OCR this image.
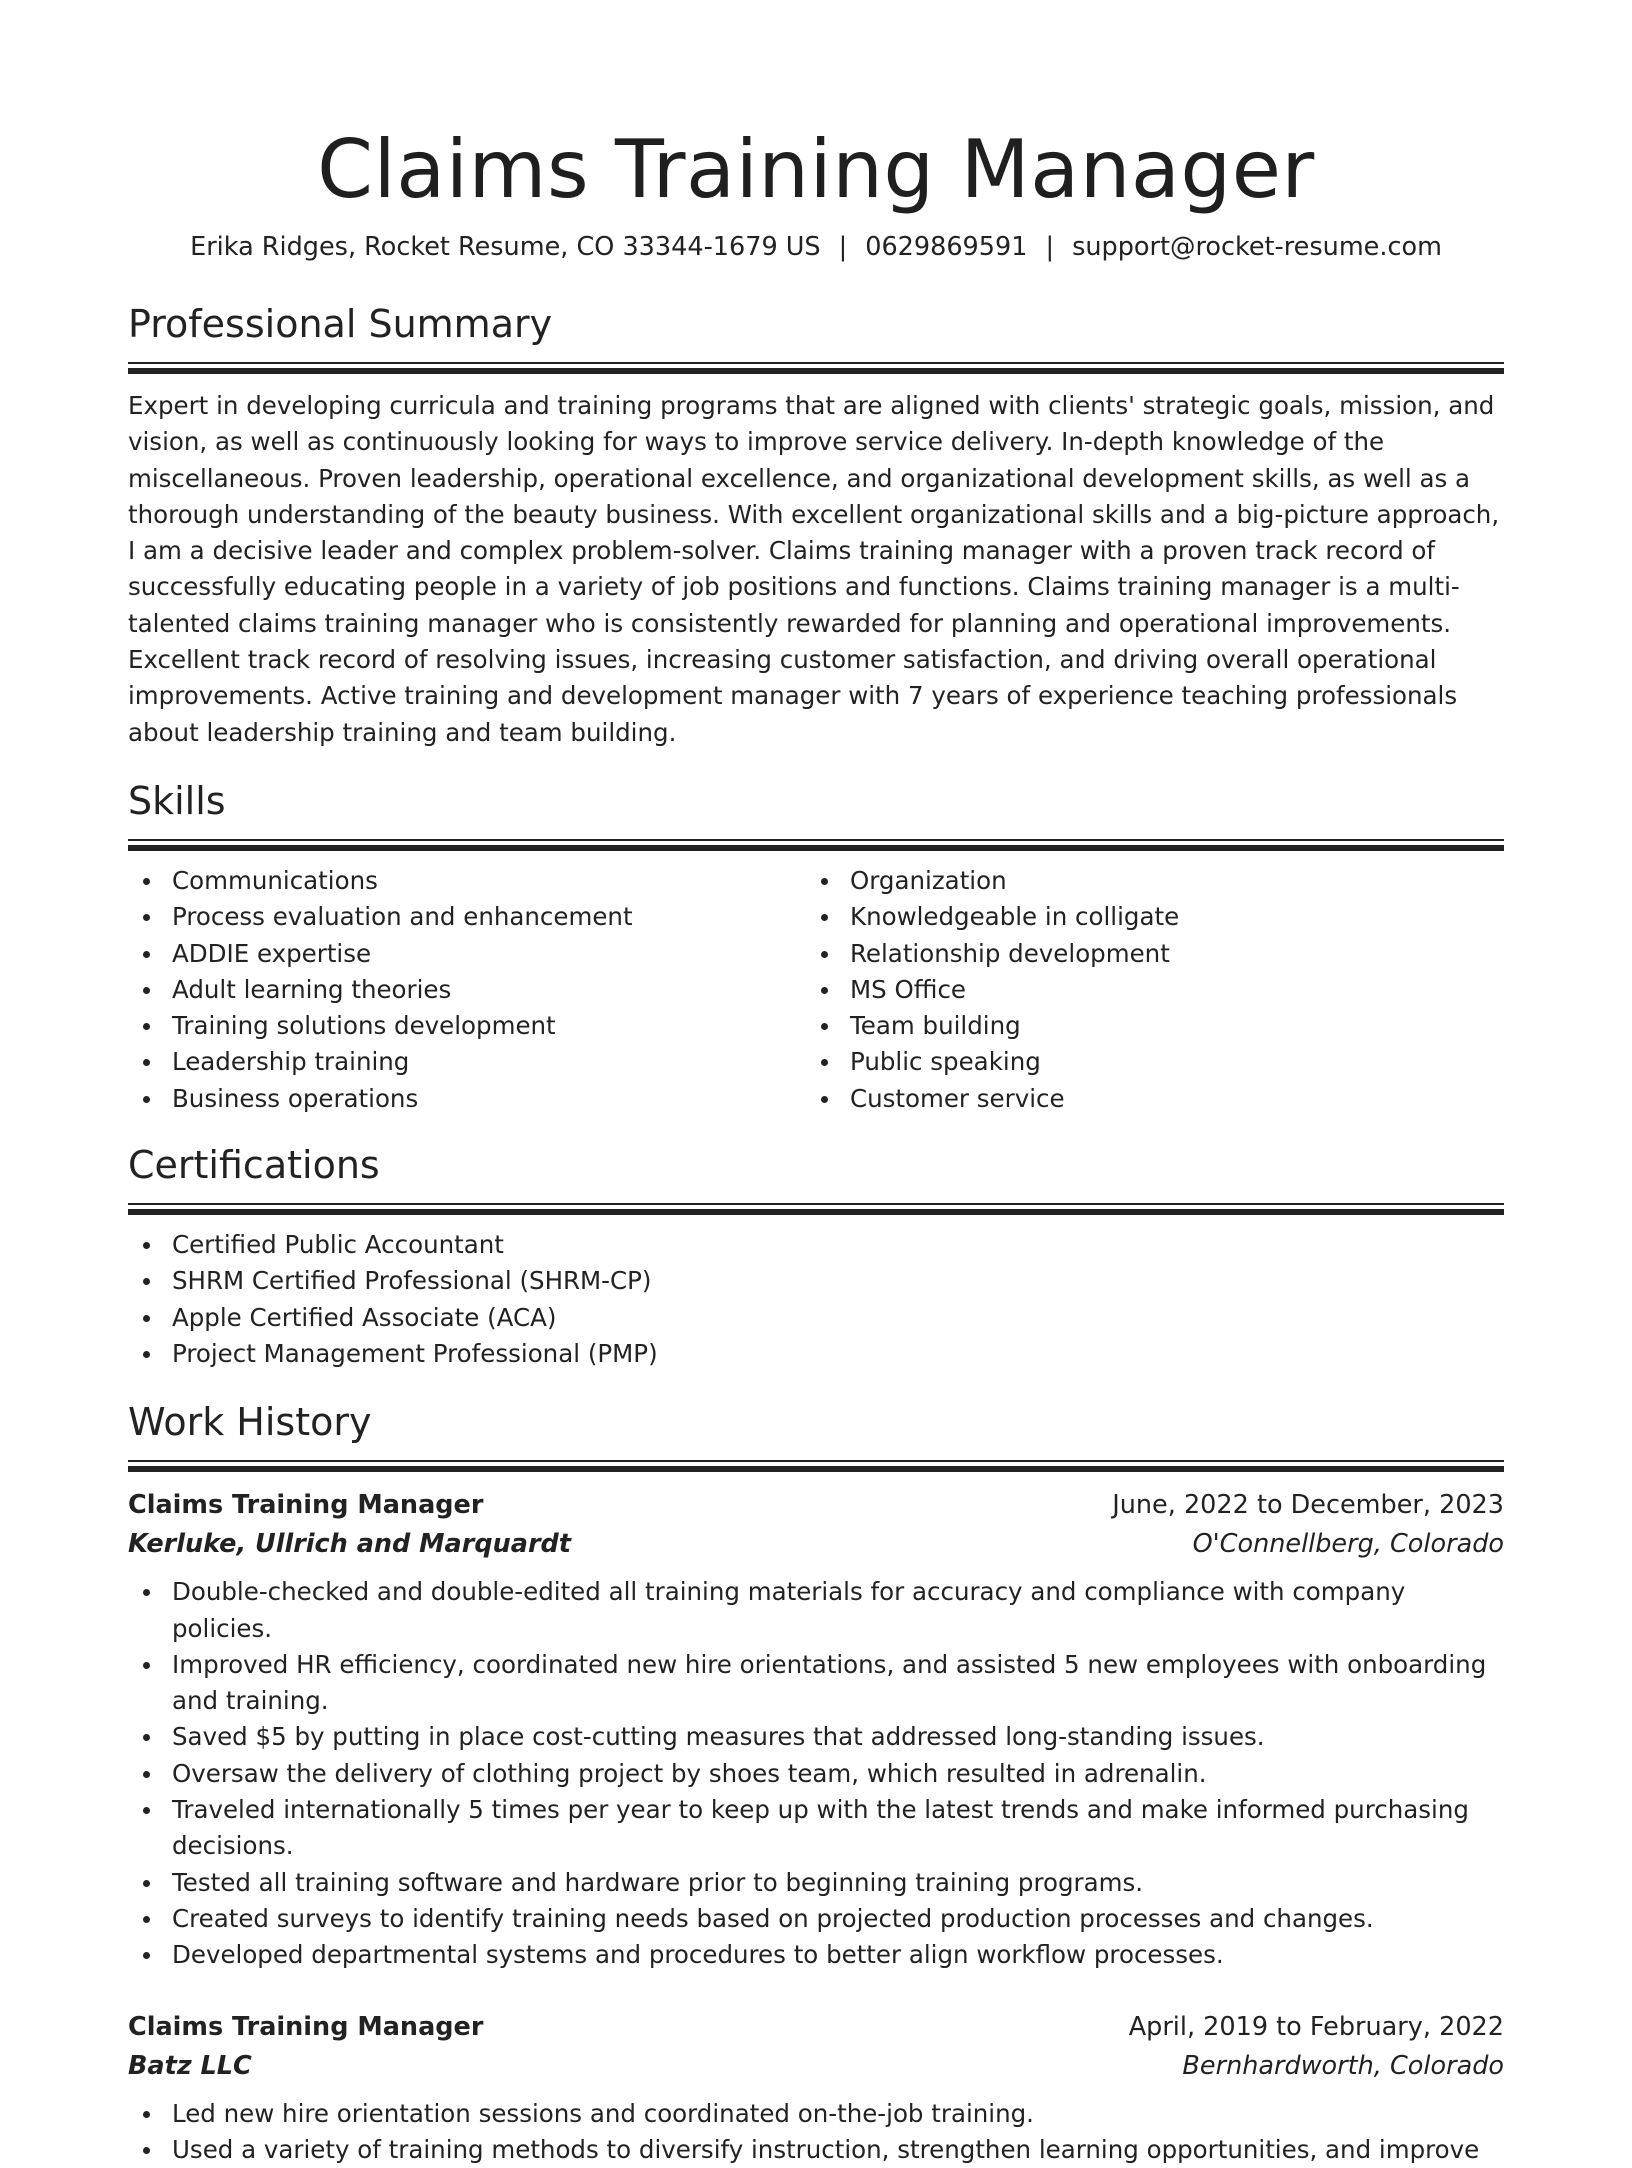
Claims Training Manager
Erika Ridges, Rocket Resume, CO 33344-1679 US | 0629869591 | support@rocket-resume.com
Professional Summary

Expert in developing curricula and training programs that are aligned with clients' strategic goals, mission, and vision, as well as continuously looking for ways to improve service delivery. In-depth knowledge of the miscellaneous. Proven leadership, operational excellence, and organizational development skills, as well as a thorough understanding of the beauty business. With excellent organizational skills and a big-picture approach, I am a decisive leader and complex problem-solver. Claims training manager with a proven track record of successfully educating people in a variety of job positions and functions. Claims training manager is a multi-talented claims training manager who is consistently rewarded for planning and operational improvements. Excellent track record of resolving issues, increasing customer satisfaction, and driving overall operational improvements. Active training and development manager with 7 years of experience teaching professionals about leadership training and team building.

Skills
Communications
Process evaluation and enhancement
ADDIE expertise
Adult learning theories
Training solutions development
Leadership training
Business operations
Organization
Knowledgeable in colligate
Relationship development
MS Office
Team building
Public speaking
Customer service
Certifications
Certified Public Accountant
SHRM Certified Professional (SHRM-CP)
Apple Certified Associate (ACA)
Project Management Professional (PMP)
Work History
Claims Training Manager	June, 2022 to December, 2023
Kerluke, Ullrich and Marquardt	O'Connellberg, Colorado
Double-checked and double-edited all training materials for accuracy and compliance with company policies.
Improved HR efficiency, coordinated new hire orientations, and assisted 5 new employees with onboarding and training.
Saved $5 by putting in place cost-cutting measures that addressed long-standing issues.
Oversaw the delivery of clothing project by shoes team, which resulted in adrenalin.
Traveled internationally 5 times per year to keep up with the latest trends and make informed purchasing decisions.
Tested all training software and hardware prior to beginning training programs.
Created surveys to identify training needs based on projected production processes and changes.
Developed departmental systems and procedures to better align workflow processes.
Claims Training Manager	April, 2019 to February, 2022
Batz LLC	Bernhardworth, Colorado
Led new hire orientation sessions and coordinated on-the-job training.
Used a variety of training methods to diversify instruction, strengthen learning opportunities, and improve
